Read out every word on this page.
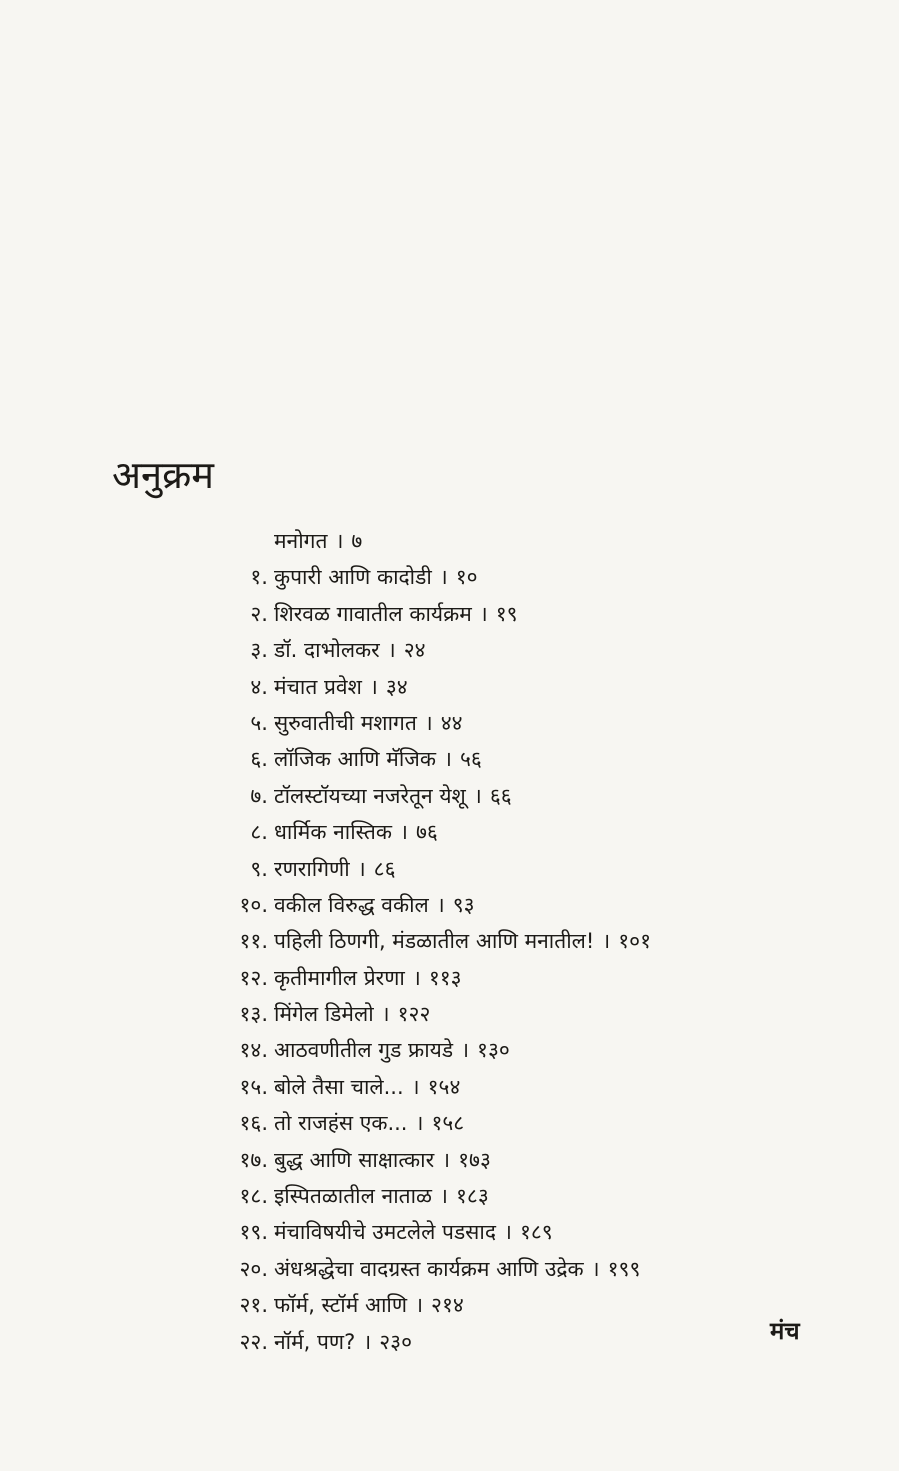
अनुक्रम
मनोगत । ७
१. कुपारी आणि कादोडी । १०
२. शिरवळ गावातील कार्यक्रम । १९
३. डॉ. दाभोलकर । २४
४. मंचात प्रवेश । ३४
५. सुरुवातीची मशागत । ४४
६. लॉजिक आणि मॅजिक । ५६
७. टॉलस्टॉयच्या नजरेतून येशू । ६६
८. धार्मिक नास्तिक । ७६
९. रणरागिणी । ८६
१०. वकील विरुद्ध वकील । ९३
११. पहिली ठिणगी, मंडळातील आणि मनातील! । १०१
१२. कृतीमागील प्रेरणा । ११३
१३. मिंगेल डिमेलो । १२२
१४. आठवणीतील गुड फ्रायडे । १३०
१५. बोले तैसा चाले... । १५४
१६. तो राजहंस एक... । १५८
१७. बुद्ध आणि साक्षात्कार । १७३
१८. इस्पितळातील नाताळ । १८३
१९. मंचाविषयीचे उमटलेले पडसाद । १८९
२०. अंधश्रद्धेचा वादग्रस्त कार्यक्रम आणि उद्रेक । १९९
२१. फॉर्म, स्टॉर्म आणि । २१४
२२. नॉर्म, पण? । २३०	मंच
